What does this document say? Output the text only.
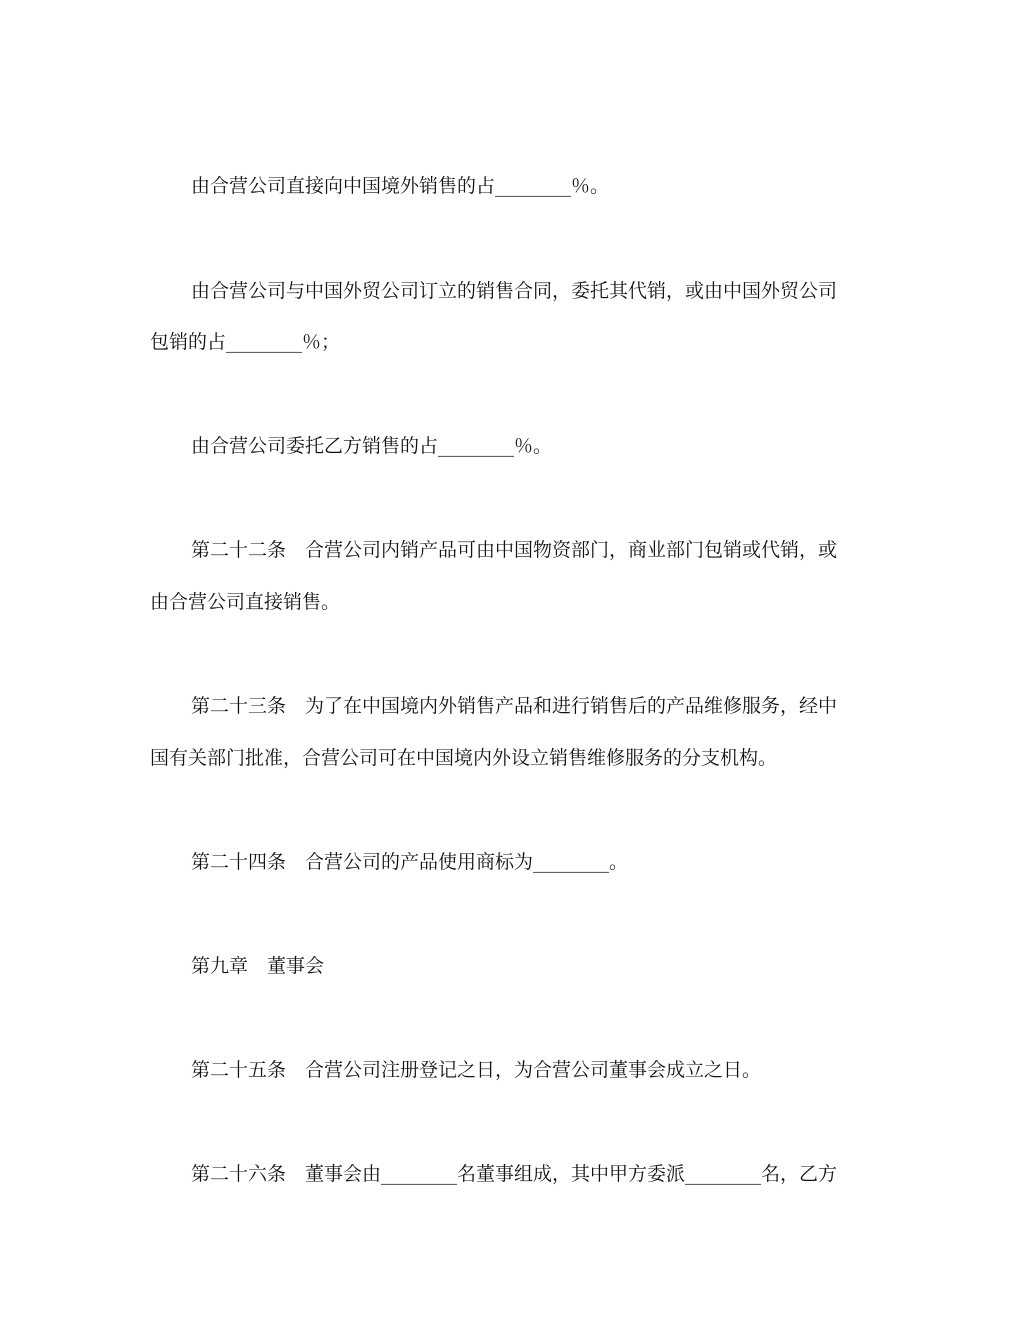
由合营公司直接向中国境外销售的占________％。
由合营公司与中国外贸公司订立的销售合同，委托其代销，或由中国外贸公司
包销的占________％；
由合营公司委托乙方销售的占________％。
第二十二条　合营公司内销产品可由中国物资部门，商业部门包销或代销，或
由合营公司直接销售。
第二十三条　为了在中国境内外销售产品和进行销售后的产品维修服务，经中
国有关部门批准，合营公司可在中国境内外设立销售维修服务的分支机构。
第二十四条　合营公司的产品使用商标为________。
第九章　董事会
第二十五条　合营公司注册登记之日，为合营公司董事会成立之日。
第二十六条　董事会由________名董事组成，其中甲方委派________名，乙方
